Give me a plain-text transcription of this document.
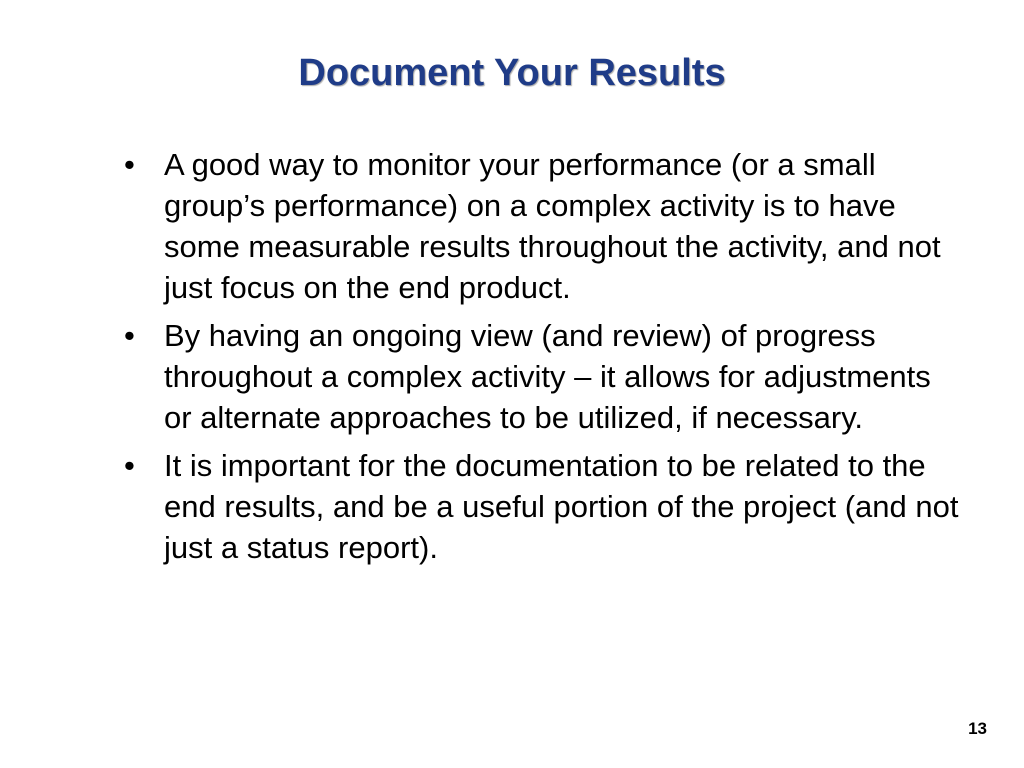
Document Your Results
• A good way to monitor your performance (or a small group’s performance) on a complex activity is to have some measurable results throughout the activity, and not just focus on the end product.
• By having an ongoing view (and review) of progress throughout a complex activity – it allows for adjustments or alternate approaches to be utilized, if necessary.
• It is important for the documentation to be related to the end results, and be a useful portion of the project (and not just a status report).
13
